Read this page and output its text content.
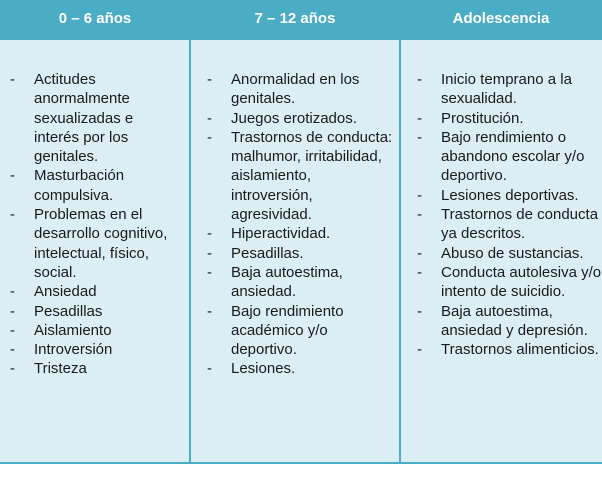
0 – 6 años	7 – 12 años	Adolescencia
- Actitudes anormalmente sexualizadas e interés por los genitales.
- Masturbación compulsiva.
- Problemas en el desarrollo cognitivo, intelectual, físico, social.
- Ansiedad
- Pesadillas
- Aislamiento
- Introversión
- Tristeza
- Anormalidad en los genitales.
- Juegos erotizados.
- Trastornos de conducta: malhumor, irritabilidad, aislamiento, introversión, agresividad.
- Hiperactividad.
- Pesadillas.
- Baja autoestima, ansiedad.
- Bajo rendimiento académico y/o deportivo.
- Lesiones.
- Inicio temprano a la sexualidad.
- Prostitución.
- Bajo rendimiento o abandono escolar y/o deportivo.
- Lesiones deportivas.
- Trastornos de conducta ya descritos.
- Abuso de sustancias.
- Conducta autolesiva y/o intento de suicidio.
- Baja autoestima, ansiedad y depresión.
- Trastornos alimenticios.
